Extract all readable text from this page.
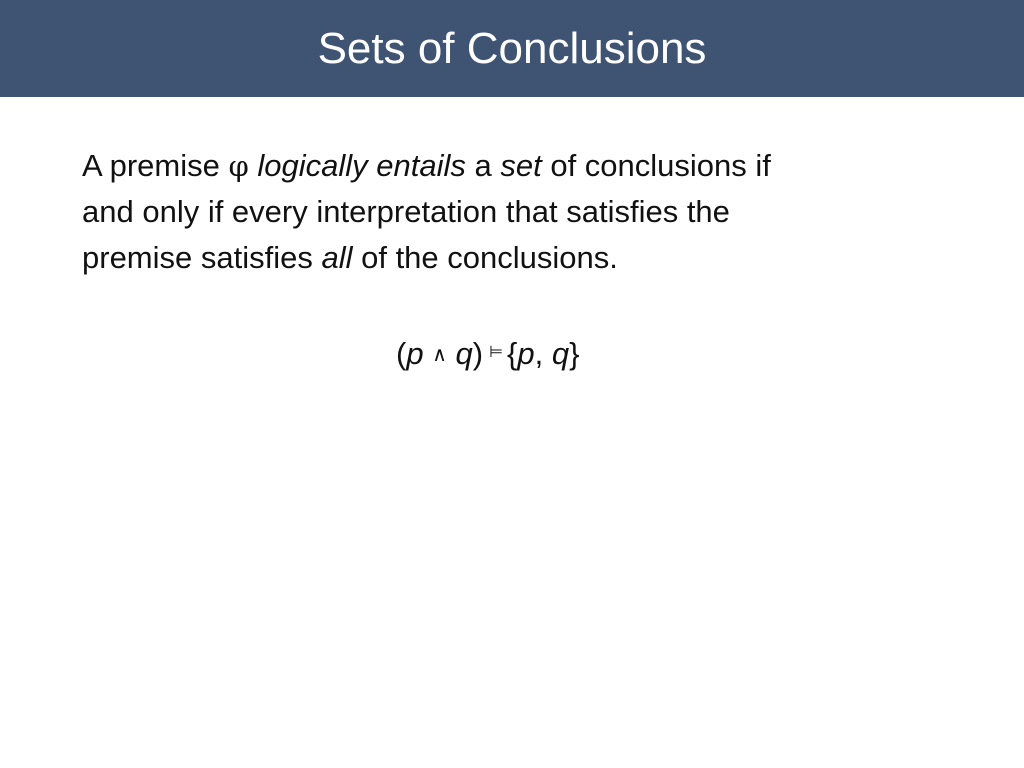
Sets of Conclusions
A premise φ logically entails a set of conclusions if
and only if every interpretation that satisfies the
premise satisfies all of the conclusions.
(p ∧ q) ⊨ {p, q}
